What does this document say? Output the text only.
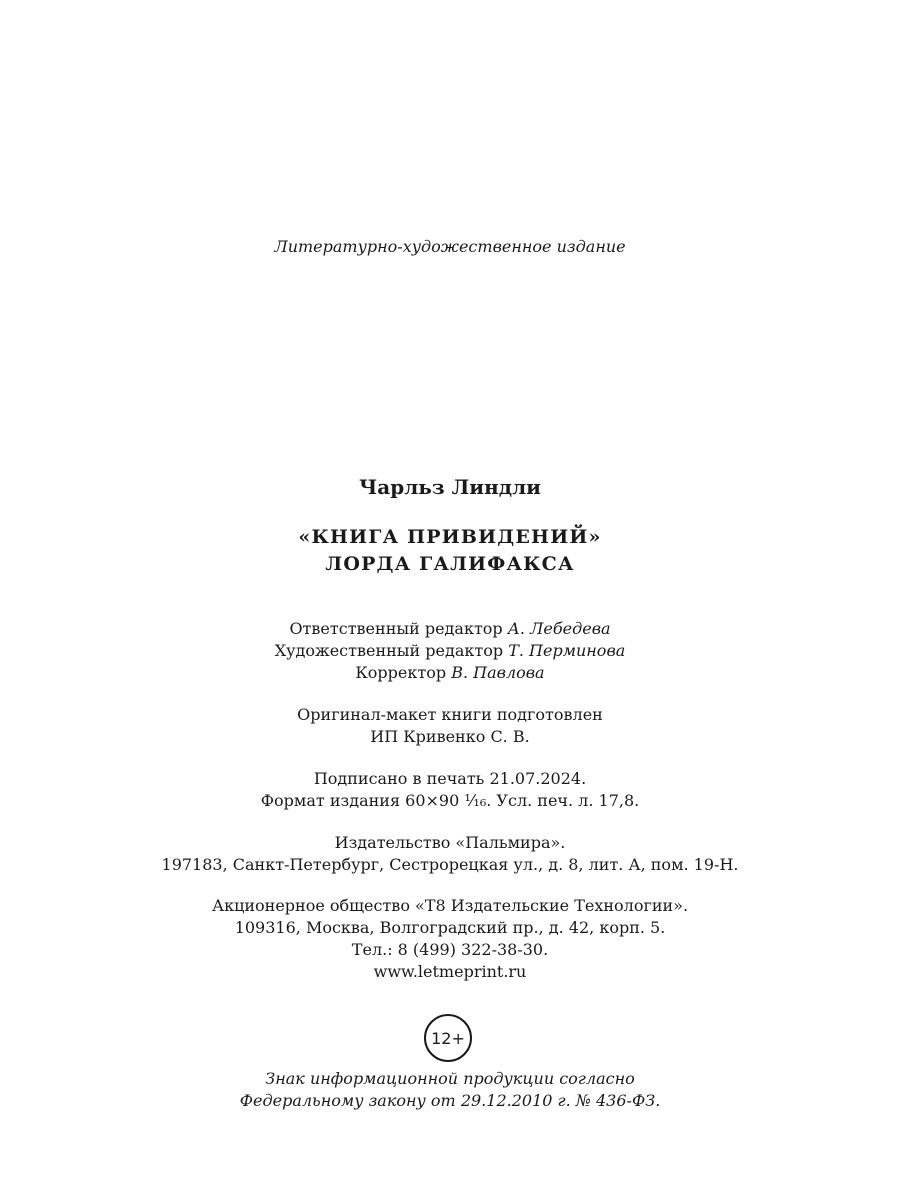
Литературно-художественное издание
Чарльз Линдли
«КНИГА ПРИВИДЕНИЙ»
ЛОРДА ГАЛИФАКСА
Ответственный редактор А. Лебедева
Художественный редактор Т. Перминова
Корректор В. Павлова
Оригинал-макет книги подготовлен
ИП Кривенко С. В.
Подписано в печать 21.07.2024.
Формат издания 60×90 ¹⁄₁₆. Усл. печ. л. 17,8.
Издательство «Пальмира».
197183, Санкт-Петербург, Сестрорецкая ул., д. 8, лит. А, пом. 19-Н.
Акционерное общество «Т8 Издательские Технологии».
109316, Москва, Волгоградский пр., д. 42, корп. 5.
Тел.: 8 (499) 322-38-30.
www.letmeprint.ru
12+
Знак информационной продукции согласно
Федеральному закону от 29.12.2010 г. № 436-ФЗ.
